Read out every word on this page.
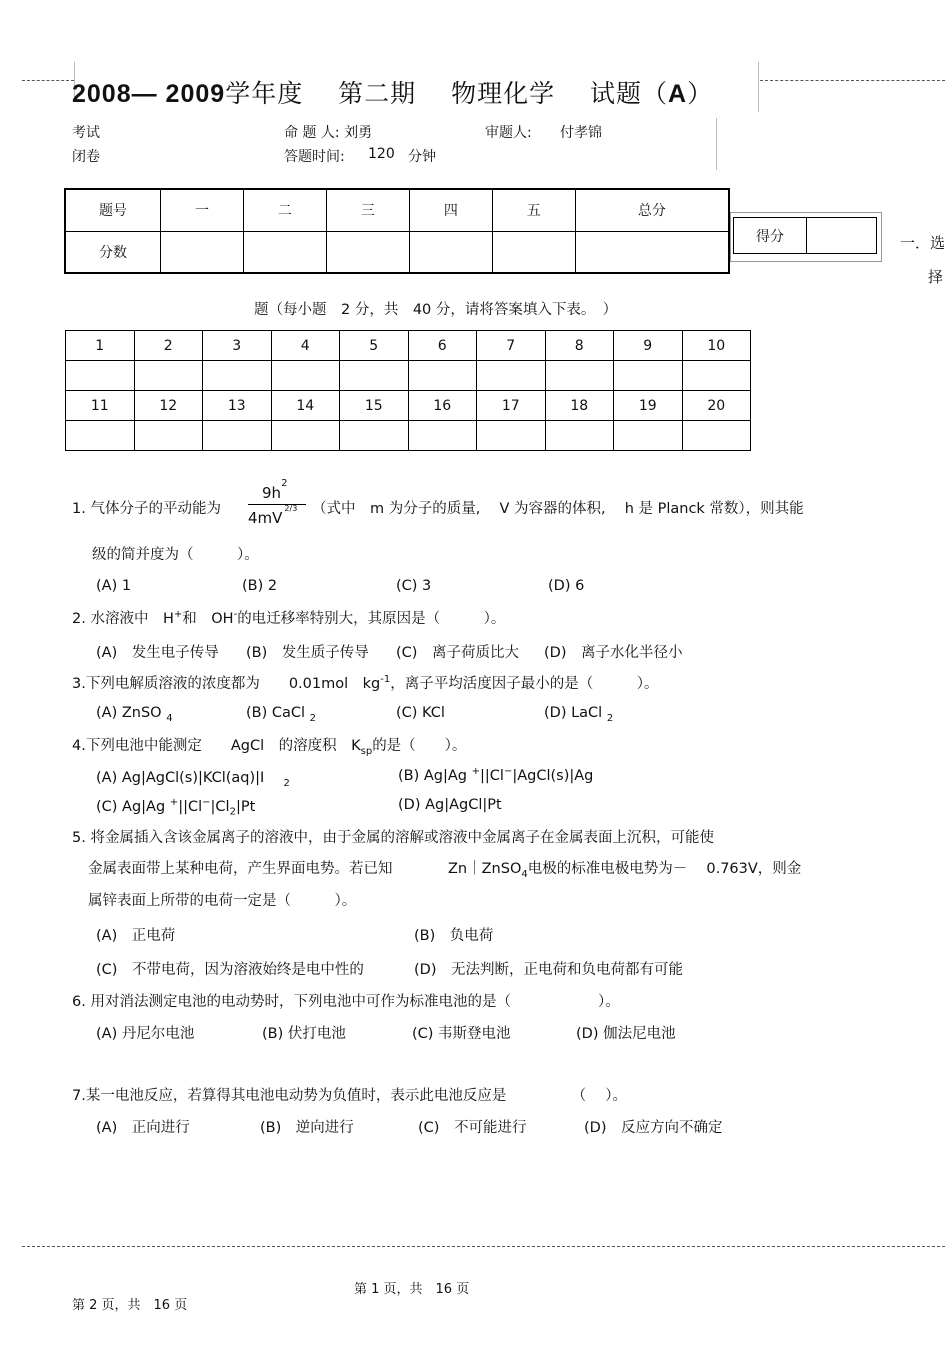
2008— 2009学年度　 第二期　 物理化学　 试题（A）
考试
闭卷
命 题 人: 刘勇	审题人: 付孝锦
答题时间: 120 分钟
题号	一	二	三	四	五	总分
分数						
得分		一．选
择
题（每小题　2 分，共　40 分，请将答案填入下表。　）
1	2	3	4	5	6	7	8	9	10

11	12	13	14	15	16	17	18	19	20

1. 气体分子的平动能为
$9h^2$
$4mV^{2/3}$ （式中　m 为分子的质量,　 V 为容器的体积,　 h 是 Planck 常数），则其能
级的简并度为（　　　）。
(A) 1	(B) 2	(C) 3	(D) 6
2. 水溶液中　H+和　OH-的电迁移率特别大，其原因是（　　　）。
(A)　发生电子传导 (B)　发生质子传导 (C)　离子荷质比大 (D)　离子水化半径小
3.下列电解质溶液的浓度都为　　0.01mol　$kg^{-1}$，离子平均活度因子最小的是（　　　）。
(A) ZnSO $_4$	(B) CaCl $_2$	(C) KCl	(D) LaCl $_2$
4.下列电池中能测定　　AgCl　的溶度积　$K_{sp}$的是（　　）。
(A) Ag|AgCl(s)|KCl(aq)|I　 $_2$	(B) Ag|Ag +||Cl−|AgCl(s)|Ag
(C) Ag|Ag $^+||Cl^-|Cl_2|Pt$	(D) Ag|AgCl|Pt
5. 将金属插入含该金属离子的溶液中，由于金属的溶解或溶液中金属离子在金属表面上沉积，可能使
金属表面带上某种电荷，产生界面电势。若已知	Zn｜ZnSO$_4$电极的标准电极电势为－　 0.763V，则金
属锌表面上所带的电荷一定是（　　　）。
(A)　正电荷	(B)　负电荷
(C)　不带电荷，因为溶液始终是电中性的	(D)　无法判断，正电荷和负电荷都有可能
6. 用对消法测定电池的电动势时，下列电池中可作为标准电池的是（　　　　　　）。
(A) 丹尼尔电池	(B) 伏打电池	(C) 韦斯登电池	(D) 伽法尼电池
7.某一电池反应，若算得其电池电动势为负值时，表示此电池反应是　　　　　（　 ）。
(A)　正向进行	(B)　逆向进行	(C)　不可能进行	(D)　反应方向不确定
第 1 页，共　16 页
第 2 页，共　16 页
